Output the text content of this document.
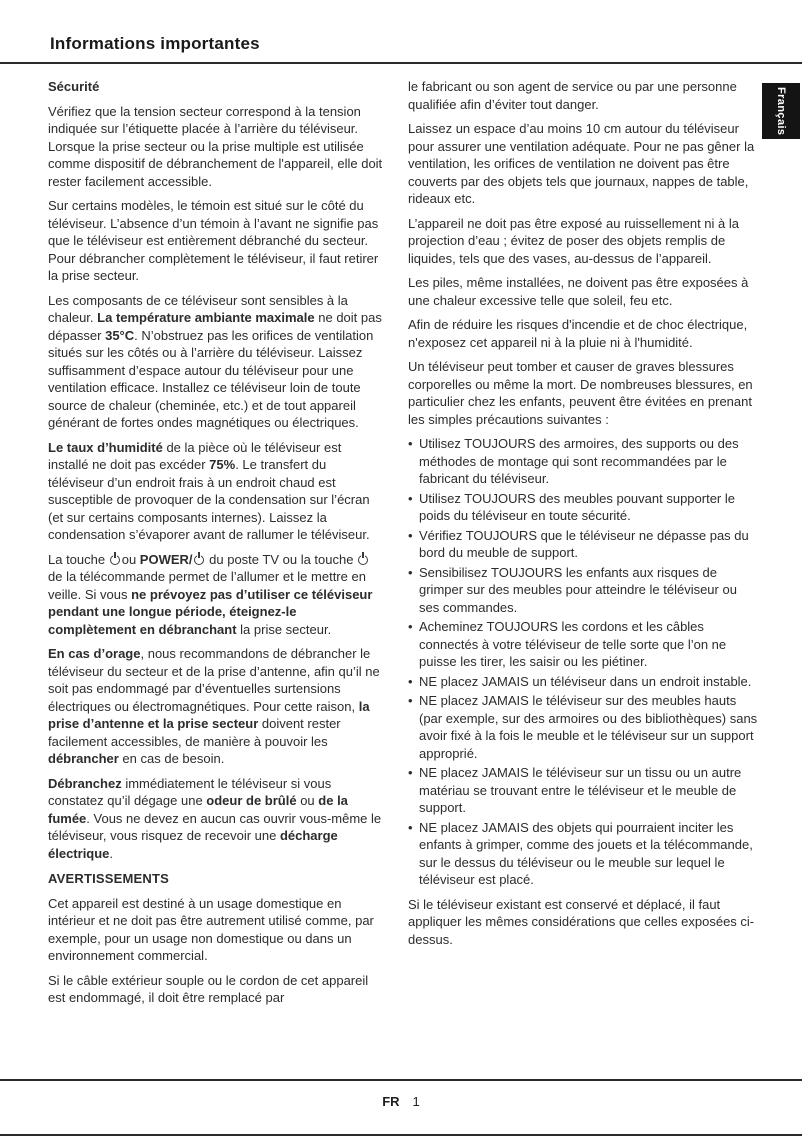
Informations importantes
Français
Sécurité

Vérifiez que la tension secteur correspond à la tension indiquée sur l’étiquette placée à l’arrière du téléviseur. Lorsque la prise secteur ou la prise multiple est utilisée comme dispositif de débranchement de l'appareil, elle doit rester facilement accessible.

Sur certains modèles, le témoin est situé sur le côté du téléviseur. L’absence d’un témoin à l’avant ne signifie pas que le téléviseur est entièrement débranché du secteur. Pour débrancher complètement le téléviseur, il faut retirer la prise secteur.

Les composants de ce téléviseur sont sensibles à la chaleur. La température ambiante maximale ne doit pas dépasser 35°C. N’obstruez pas les orifices de ventilation situés sur les côtés ou à l’arrière du téléviseur. Laissez suffisamment d’espace autour du téléviseur pour une ventilation efficace. Installez ce téléviseur loin de toute source de chaleur (cheminée, etc.) et de tout appareil générant de fortes ondes magnétiques ou électriques.

Le taux d’humidité de la pièce où le téléviseur est installé ne doit pas excéder 75%. Le transfert du téléviseur d’un endroit frais à un endroit chaud est susceptible de provoquer de la condensation sur l’écran (et sur certains composants internes). Laissez la condensation s’évaporer avant de rallumer le téléviseur.

La touche ou POWER/ du poste TV ou la touche  de la télécommande permet de l’allumer et le mettre en veille. Si vous ne prévoyez pas d’utiliser ce téléviseur pendant une longue période, éteignez-le complètement en débranchant la prise secteur.

En cas d’orage, nous recommandons de débrancher le téléviseur du secteur et de la prise d’antenne, afin qu’il ne soit pas endommagé par d’éventuelles surtensions électriques ou électromagnétiques. Pour cette raison, la prise d’antenne et la prise secteur doivent rester facilement accessibles, de manière à pouvoir les débrancher en cas de besoin.

Débranchez immédiatement le téléviseur si vous constatez qu’il dégage une odeur de brûlé ou de la fumée. Vous ne devez en aucun cas ouvrir vous-même le téléviseur, vous risquez de recevoir une décharge électrique.

AVERTISSEMENTS

Cet appareil est destiné à un usage domestique en intérieur et ne doit pas être autrement utilisé comme, par exemple, pour un usage non domestique ou dans un environnement commercial.

Si le câble extérieur souple ou le cordon de cet appareil est endommagé, il doit être remplacé par

le fabricant ou son agent de service ou par une personne qualifiée afin d’éviter tout danger.

Laissez un espace d’au moins 10 cm autour du téléviseur pour assurer une ventilation adéquate. Pour ne pas gêner la ventilation, les orifices de ventilation ne doivent pas être couverts par des objets tels que journaux, nappes de table, rideaux etc.

L’appareil ne doit pas être exposé au ruissellement ni à la projection d’eau ; évitez de poser des objets remplis de liquides, tels que des vases, au-dessus de l’appareil.

Les piles, même installées, ne doivent pas être exposées à une chaleur excessive telle que soleil, feu etc.

Afin de réduire les risques d'incendie et de choc électrique, n'exposez cet appareil ni à la pluie ni à l'humidité.

Un téléviseur peut tomber et causer de graves blessures corporelles ou même la mort. De nombreuses blessures, en particulier chez les enfants, peuvent être évitées en prenant les simples précautions suivantes :

• Utilisez TOUJOURS des armoires, des supports ou des méthodes de montage qui sont recommandées par le fabricant du téléviseur.
• Utilisez TOUJOURS des meubles pouvant supporter le poids du téléviseur en toute sécurité.
• Vérifiez TOUJOURS que le téléviseur ne dépasse pas du bord du meuble de support.
• Sensibilisez TOUJOURS les enfants aux risques de grimper sur des meubles pour atteindre le téléviseur ou ses commandes.
• Acheminez TOUJOURS les cordons et les câbles connectés à votre téléviseur de telle sorte que l’on ne puisse les tirer, les saisir ou les piétiner.
• NE placez JAMAIS un téléviseur dans un endroit instable.
• NE placez JAMAIS le téléviseur sur des meubles hauts (par exemple, sur des armoires ou des bibliothèques) sans avoir fixé à la fois le meuble et le téléviseur sur un support approprié.
• NE placez JAMAIS le téléviseur sur un tissu ou un autre matériau se trouvant entre le téléviseur et le meuble de support.
• NE placez JAMAIS des objets qui pourraient inciter les enfants à grimper, comme des jouets et la télécommande, sur le dessus du téléviseur ou le meuble sur lequel le téléviseur est placé.

Si le téléviseur existant est conservé et déplacé, il faut appliquer les mêmes considérations que celles exposées ci-dessus.

FR 1
